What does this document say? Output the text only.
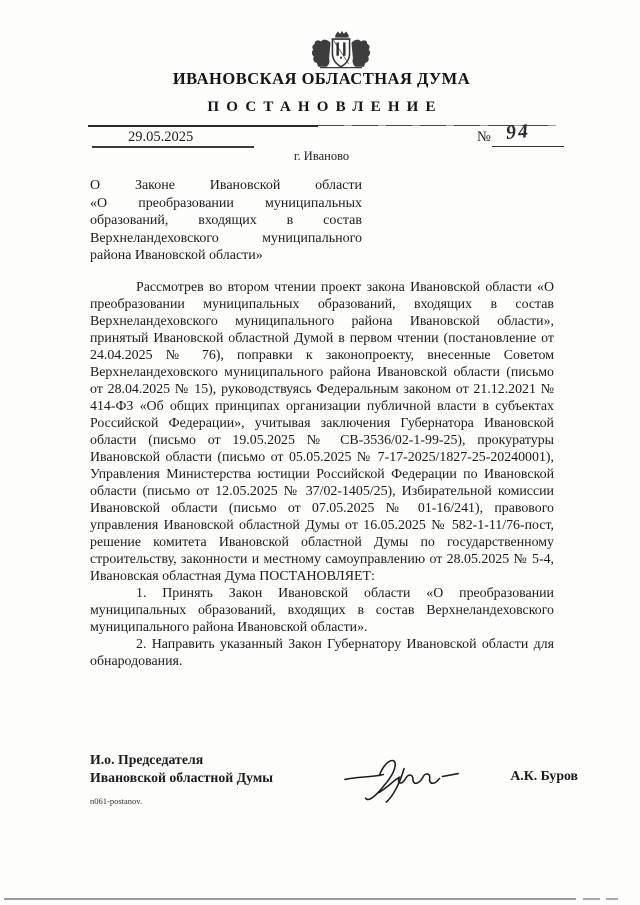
ИВАНОВСКАЯ ОБЛАСТНАЯ ДУМА
ПОСТАНОВЛЕНИЕ
29.05.2025	№ 94
г. Иваново
О Законе Ивановской области
«О преобразовании муниципальных
образований, входящих в состав
Верхнеландеховского муниципального
района Ивановской области»

Рассмотрев во втором чтении проект закона Ивановской области «О преобразовании муниципальных образований, входящих в состав Верхнеландеховского муниципального района Ивановской области», принятый Ивановской областной Думой в первом чтении (постановление от 24.04.2025 № 76), поправки к законопроекту, внесенные Советом Верхнеландеховского муниципального района Ивановской области (письмо от 28.04.2025 № 15), руководствуясь Федеральным законом от 21.12.2021 № 414-ФЗ «Об общих принципах организации публичной власти в субъектах Российской Федерации», учитывая заключения Губернатора Ивановской области (письмо от 19.05.2025 № СВ-3536/02-1-99-25), прокуратуры Ивановской области (письмо от 05.05.2025 № 7-17-2025/1827-25-20240001), Управления Министерства юстиции Российской Федерации по Ивановской области (письмо от 12.05.2025 № 37/02-1405/25), Избирательной комиссии Ивановской области (письмо от 07.05.2025 № 01-16/241), правового управления Ивановской областной Думы от 16.05.2025 № 582-1-11/76-пост, решение комитета Ивановской областной Думы по государственному строительству, законности и местному самоуправлению от 28.05.2025 № 5-4, Ивановская областная Дума ПОСТАНОВЛЯЕТ:

1. Принять Закон Ивановской области «О преобразовании муниципальных образований, входящих в состав Верхнеландеховского муниципального района Ивановской области».

2. Направить указанный Закон Губернатору Ивановской области для обнародования.

И.о. Председателя
Ивановской областной Думы	А.К. Буров
n061-postanov.
